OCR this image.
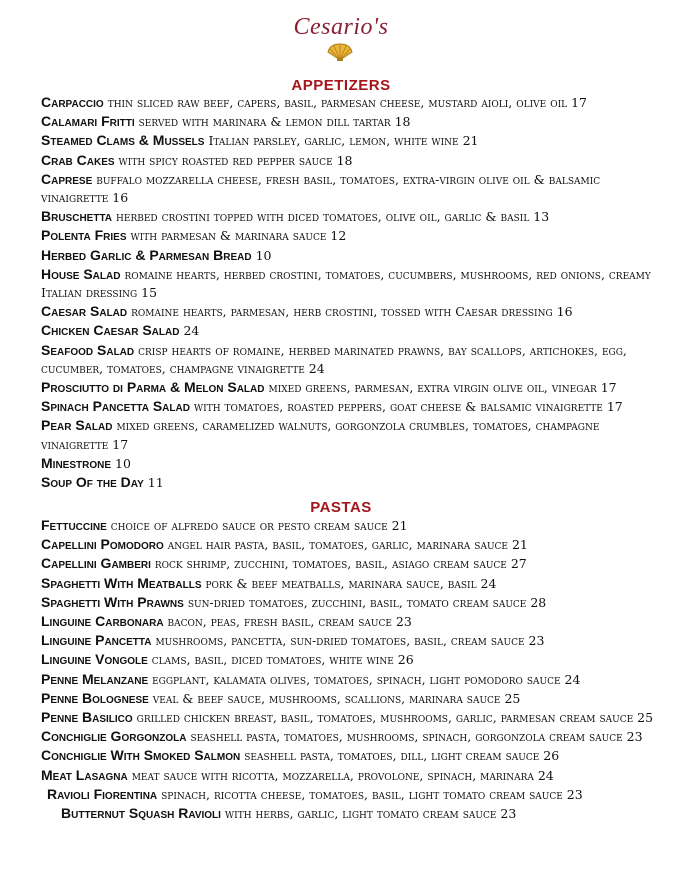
Cesario's
APPETIZERS
Carpaccio thin sliced raw beef, capers, basil, parmesan cheese, mustard aioli, olive oil 17
Calamari Fritti served with marinara & lemon dill tartar 18
Steamed Clams & Mussels Italian parsley, garlic, lemon, white wine 21
Crab Cakes with spicy roasted red pepper sauce 18
Caprese buffalo mozzarella cheese, fresh basil, tomatoes, extra-virgin olive oil & balsamic vinaigrette 16
Bruschetta herbed crostini topped with diced tomatoes, olive oil, garlic & basil 13
Polenta Fries with parmesan & marinara sauce 12
Herbed Garlic & Parmesan Bread 10
House Salad romaine hearts, herbed crostini, tomatoes, cucumbers, mushrooms, red onions, creamy Italian dressing 15
Caesar Salad romaine hearts, parmesan, herb crostini, tossed with Caesar dressing 16
Chicken Caesar Salad 24
Seafood Salad crisp hearts of romaine, herbed marinated prawns, bay scallops, artichokes, egg, cucumber, tomatoes, champagne vinaigrette 24
Prosciutto di Parma & Melon Salad mixed greens, parmesan, extra virgin olive oil, vinegar 17
Spinach Pancetta Salad with tomatoes, roasted peppers, goat cheese & balsamic vinaigrette 17
Pear Salad mixed greens, caramelized walnuts, gorgonzola crumbles, tomatoes, champagne vinaigrette 17
Minestrone 10
Soup Of the Day 11
PASTAS
Fettuccine choice of alfredo sauce or pesto cream sauce 21
Capellini Pomodoro angel hair pasta, basil, tomatoes, garlic, marinara sauce 21
Capellini Gamberi rock shrimp, zucchini, tomatoes, basil, asiago cream sauce 27
Spaghetti With Meatballs pork & beef meatballs, marinara sauce, basil 24
Spaghetti With Prawns sun-dried tomatoes, zucchini, basil, tomato cream sauce 28
Linguine Carbonara bacon, peas, fresh basil, cream sauce 23
Linguine Pancetta mushrooms, pancetta, sun-dried tomatoes, basil, cream sauce 23
Linguine Vongole clams, basil, diced tomatoes, white wine 26
Penne Melanzane eggplant, kalamata olives, tomatoes, spinach, light pomodoro sauce 24
Penne Bolognese veal & beef sauce, mushrooms, scallions, marinara sauce 25
Penne Basilico grilled chicken breast, basil, tomatoes, mushrooms, garlic, parmesan cream sauce 25
Conchiglie Gorgonzola seashell pasta, tomatoes, mushrooms, spinach, gorgonzola cream sauce 23
Conchiglie With Smoked Salmon seashell pasta, tomatoes, dill, light cream sauce 26
Meat Lasagna meat sauce with ricotta, mozzarella, provolone, spinach, marinara 24
Ravioli Fiorentina spinach, ricotta cheese, tomatoes, basil, light tomato cream sauce 23
Butternut Squash Ravioli with herbs, garlic, light tomato cream sauce 23
